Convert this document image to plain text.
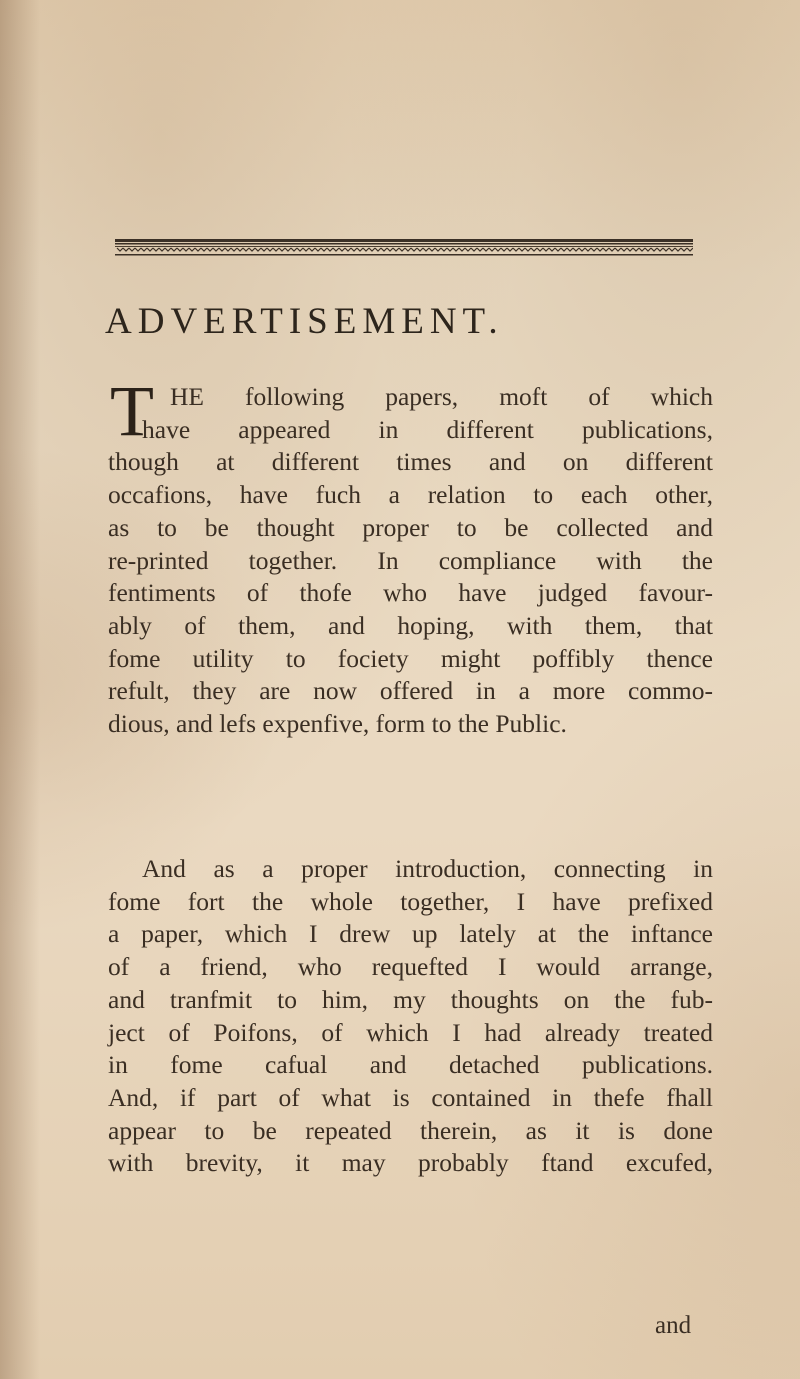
ADVERTISEMENT.
T HE following papers, moft of which
have appeared in different publications,
though at different times and on different
occafions, have fuch a relation to each other,
as to be thought proper to be collected and
re-printed together. In compliance with the
fentiments of thofe who have judged favour-
ably of them, and hoping, with them, that
fome utility to fociety might poffibly thence
refult, they are now offered in a more commo-
dious, and lefs expenfive, form to the Public.
And as a proper introduction, connecting in
fome fort the whole together, I have prefixed
a paper, which I drew up lately at the inftance
of a friend, who requefted I would arrange,
and tranfmit to him, my thoughts on the fub-
ject of Poifons, of which I had already treated
in fome cafual and detached publications.
And, if part of what is contained in thefe fhall
appear to be repeated therein, as it is done
with brevity, it may probably ftand excufed,
and
